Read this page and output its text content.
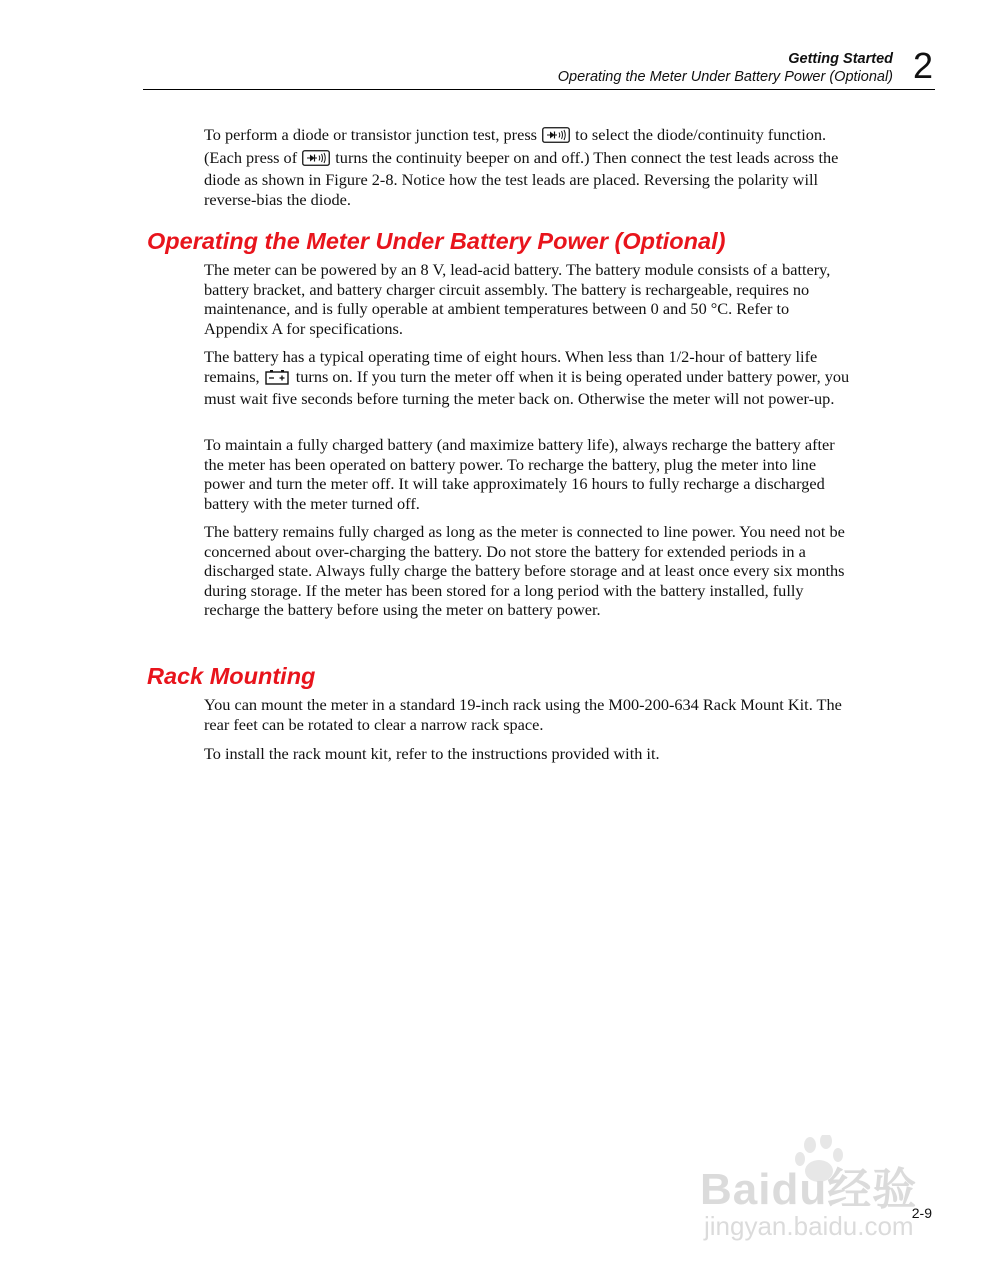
Getting Started

Operating the Meter Under Battery Power (Optional) 2

To perform a diode or transistor junction test, press to select the diode/continuity function. (Each press of turns the continuity beeper on and off.) Then connect the test leads across the diode as shown in Figure 2-8. Notice how the test leads are placed. Reversing the polarity will reverse-bias the diode.

Operating the Meter Under Battery Power (Optional)

The meter can be powered by an 8 V, lead-acid battery. The battery module consists of a battery, battery bracket, and battery charger circuit assembly. The battery is rechargeable, requires no maintenance, and is fully operable at ambient temperatures between 0 and 50 °C. Refer to Appendix A for specifications.

The battery has a typical operating time of eight hours. When less than 1/2-hour of battery life remains, turns on. If you turn the meter off when it is being operated under battery power, you must wait five seconds before turning the meter back on. Otherwise the meter will not power-up.

To maintain a fully charged battery (and maximize battery life), always recharge the battery after the meter has been operated on battery power. To recharge the battery, plug the meter into line power and turn the meter off. It will take approximately 16 hours to fully recharge a discharged battery with the meter turned off.

The battery remains fully charged as long as the meter is connected to line power. You need not be concerned about over-charging the battery. Do not store the battery for extended periods in a discharged state. Always fully charge the battery before storage and at least once every six months during storage. If the meter has been stored for a long period with the battery installed, fully recharge the battery before using the meter on battery power.

Rack Mounting

You can mount the meter in a standard 19-inch rack using the M00-200-634 Rack Mount Kit. The rear feet can be rotated to clear a narrow rack space.

To install the rack mount kit, refer to the instructions provided with it.

Baidu经验
jingyan.baidu.com

2-9
